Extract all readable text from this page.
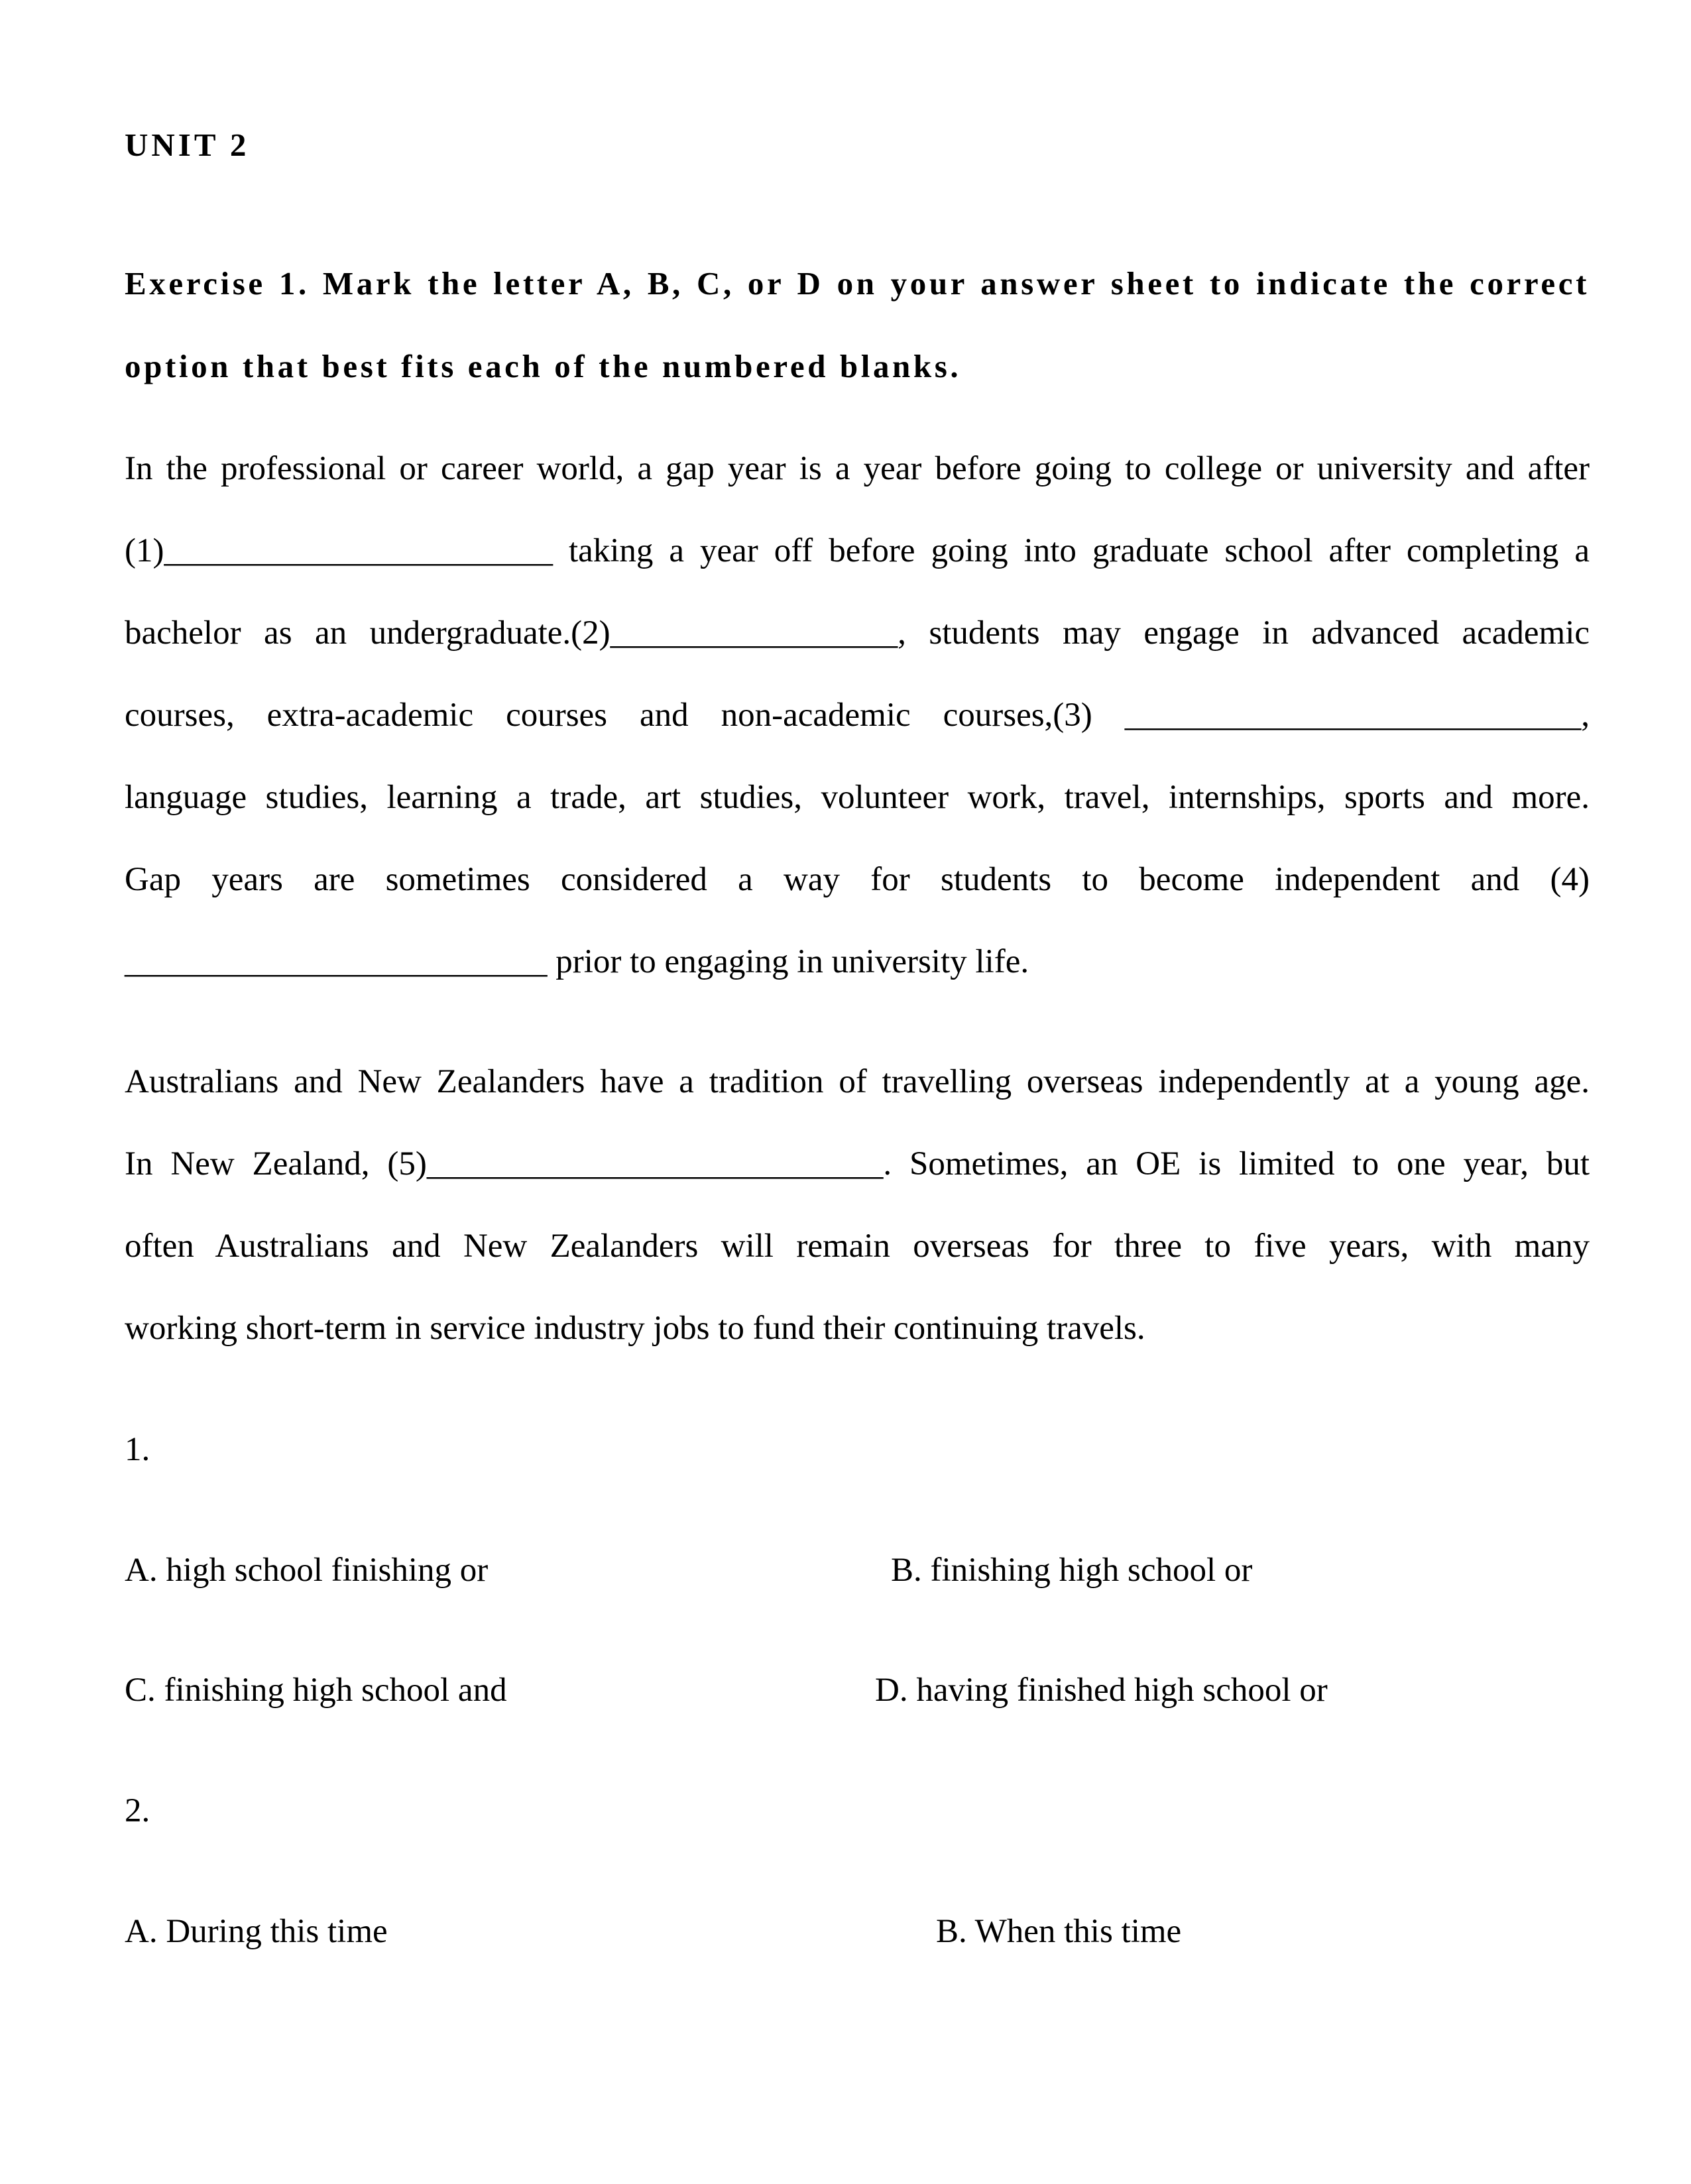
UNIT 2

Exercise 1. Mark the letter A, B, C, or D on your answer sheet to indicate the correct option that best fits each of the numbered blanks.

In the professional or career world, a gap year is a year before going to college or university and after

(1)_______________________ taking a year off before going into graduate school after completing a

bachelor as an undergraduate.(2)_________________, students may engage in advanced academic

courses, extra-academic courses and non-academic courses,(3) ___________________________,

language studies, learning a trade, art studies, volunteer work, travel, internships, sports and more.

Gap years are sometimes considered a way for students to become independent and (4)

_________________________ prior to engaging in university life.

Australians and New Zealanders have a tradition of travelling overseas independently at a young age.

In New Zealand, (5)___________________________. Sometimes, an OE is limited to one year, but

often Australians and New Zealanders will remain overseas for three to five years, with many

working short-term in service industry jobs to fund their continuing travels.

1.

A. high school finishing or	B. finishing high school or

C. finishing high school and	D. having finished high school or

2.

A. During this time	B. When this time
